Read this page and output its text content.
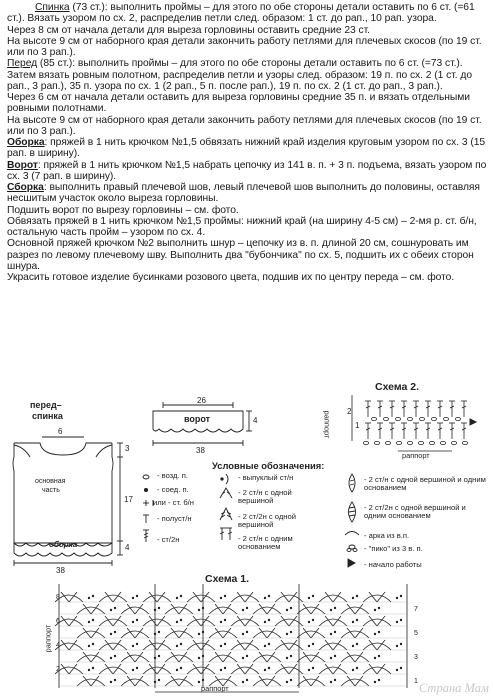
Спинка (73 ст.): выполнить проймы – для этого по обе стороны детали оставить по 6 ст. (=61 ст.). Вязать узором по сх. 2, распределив петли след. образом: 1 ст. до рап., 10 рап. узора.

Через 8 см от начала детали для выреза горловины оставить средние 23 ст.

На высоте 9 см от наборного края детали закончить работу петлями для плечевых скосов (по 19 ст. или по 3 рап.).

Перед (85 ст.): выполнить проймы – для этого по обе стороны детали оставить по 6 ст. (=73 ст.). Затем вязать ровным полотном, распределив петли и узоры след. образом: 19 п. по сх. 2 (1 ст. до рап., 3 рап.), 35 п. узора по сх. 1 (2 рап., 5 п. после рап.), 19 п. по сх. 2 (1 ст. до рап., 3 рап.).

Через 6 см от начала детали оставить для выреза горловины средние 35 п. и вязать отдельными ровными полотнами.

На высоте 9 см от наборного края детали закончить работу петлями для плечевых скосов (по 19 ст. или по 3 рап.).

Оборка: пряжей в 1 нить крючком №1,5 обвязать нижний край изделия круговым узором по сх. 3 (15 рап. в ширину).

Ворот: пряжей в 1 нить крючком №1,5 набрать цепочку из 141 в. п. + 3 п. подъема, вязать узором по сх. 3 (7 рап. в ширину).

Сборка: выполнить правый плечевой шов, левый плечевой шов выполнить до половины, оставляя несшитым участок около выреза горловины.

Подшить ворот по вырезу горловины – см. фото.

Обвязать пряжей в 1 нить крючком №1,5 проймы: нижний край (на ширину 4-5 см) – 2-мя р. ст. б/н, остальную часть пройм – узором по сх. 4.

Основной пряжей крючком №2 выполнить шнур – цепочку из в. п. длиной 20 см, сошнуровать им разрез по левому плечевому шву. Выполнить два "бубончика" по сх. 5, подшить их с обеих сторон шнура.

Украсить готовое изделие бусинками розового цвета, подшив их по центру переда – см. фото.

перед–
спинка
6
3
17
основная
часть
оборка	4
38
26
ворот	4
38
Схема 2.
1
2
раппорт
раппорт
Условные обозначения:
- возд. п.
- соед. п.
или - ст. б/н
- полуст/н
- ст/2н
- выпуклый ст/н
- 2 ст/н с одной вершиной
- 2 ст/2н с одной вершиной
- 2 ст/н с одним основанием
- 2 ст/н с одной вершиной и одним основанием
- 2 ст/2н с одной вершиной и одним основанием
- арка из в.п.
- "пико" из 3 в. п.
- начало работы
Схема 1.
1
2
3
4
5
6
7
8
раппорт
раппорт	Страна Мам
